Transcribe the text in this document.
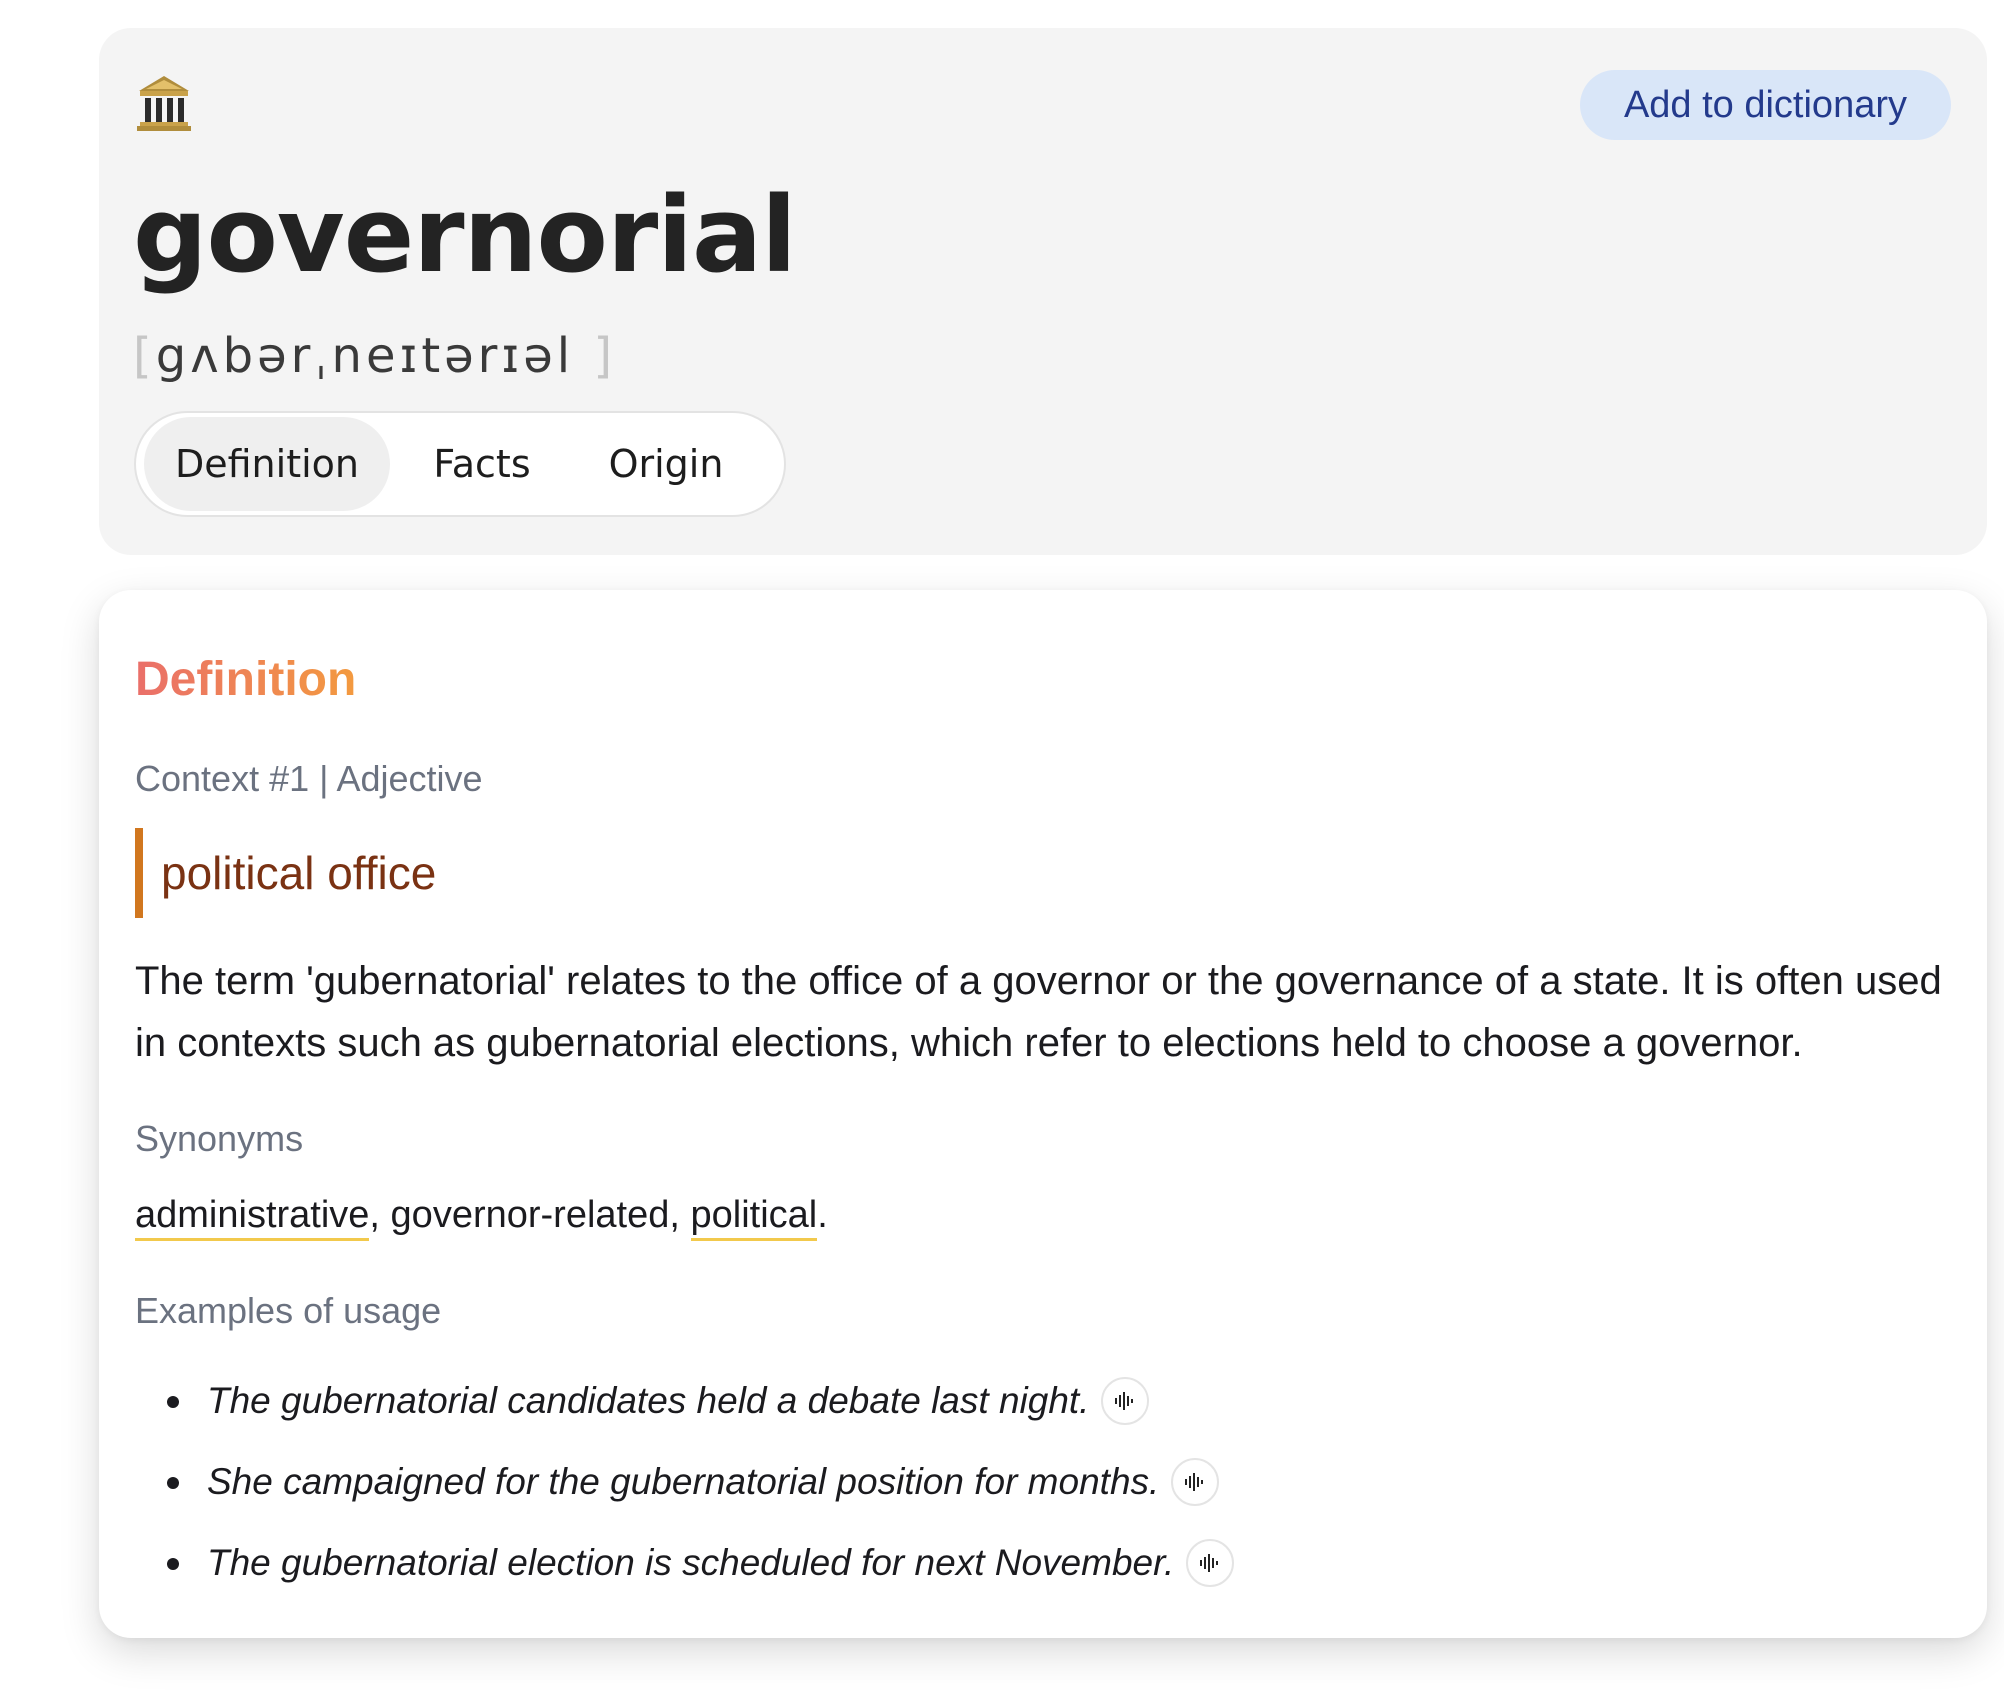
Add to dictionary
governorial
[gʌbərˌneɪtərɪəl ]
Definition	Facts	Origin
Definition
Context #1 | Adjective
political office
The term 'gubernatorial' relates to the office of a governor or the governance of a state. It is often used in contexts such as gubernatorial elections, which refer to elections held to choose a governor.
Synonyms
administrative, governor-related, political.
Examples of usage
The gubernatorial candidates held a debate last night.
She campaigned for the gubernatorial position for months.
The gubernatorial election is scheduled for next November.
